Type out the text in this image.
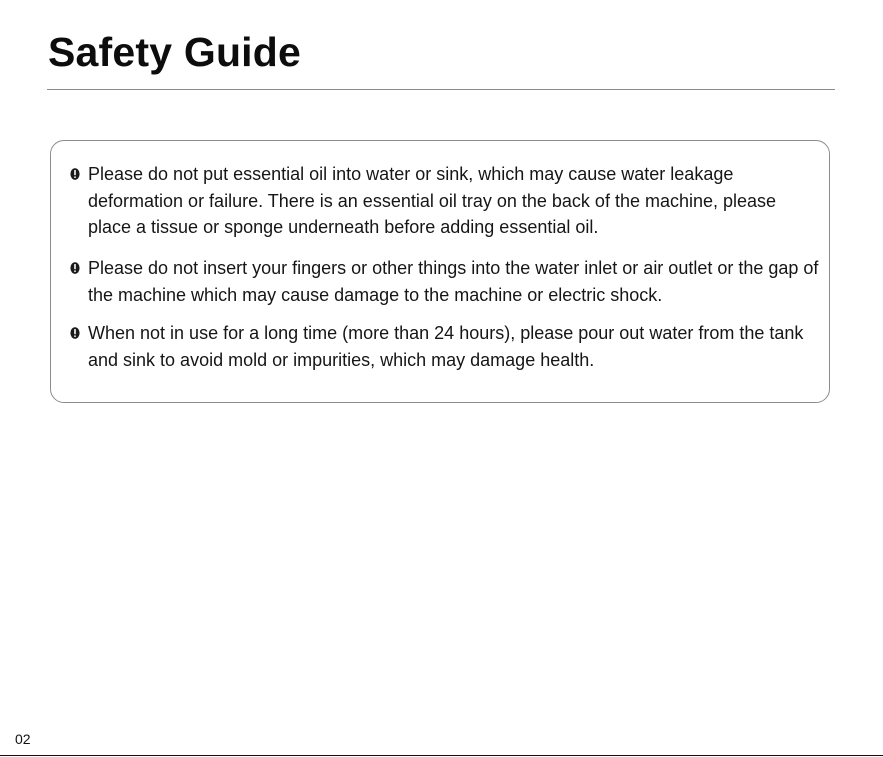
Safety Guide

Please do not put essential oil into water or sink, which may cause water leakage deformation or failure. There is an essential oil tray on the back of the machine, please place a tissue or sponge underneath before adding essential oil.

Please do not insert your fingers or other things into the water inlet or air outlet or the gap of the machine which may cause damage to the machine or electric shock.

When not in use for a long time (more than 24 hours), please pour out water from the tank and sink to avoid mold or impurities, which may damage health.

02
